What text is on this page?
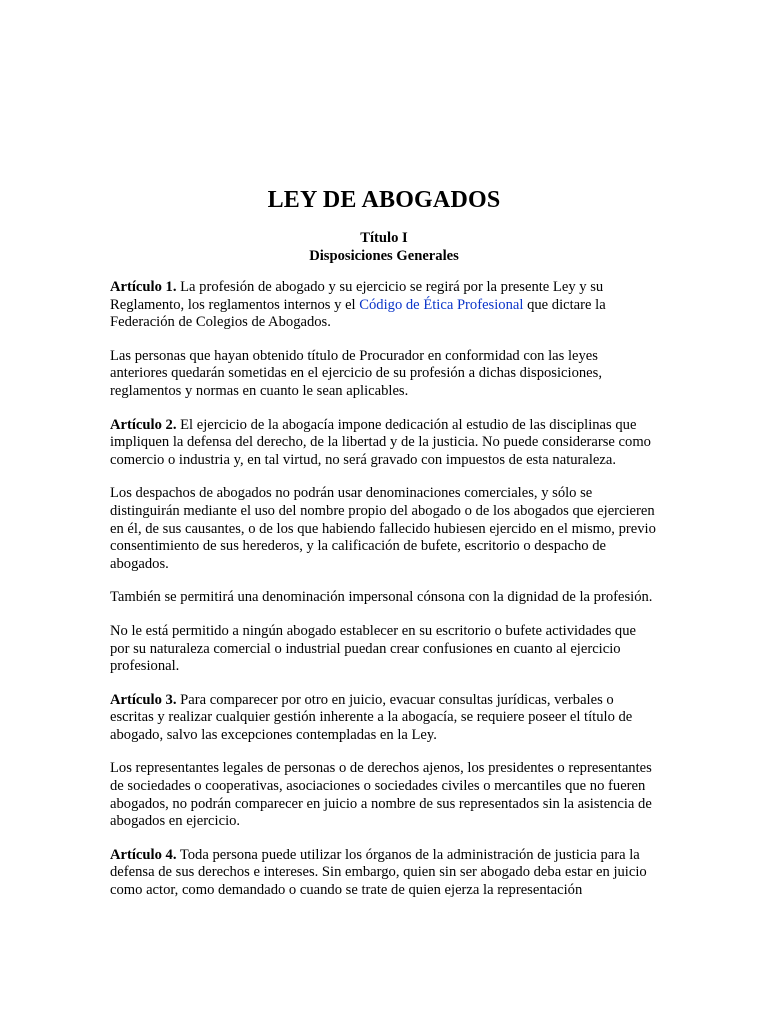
LEY DE ABOGADOS
Título I
Disposiciones Generales

Artículo 1. La profesión de abogado y su ejercicio se regirá por la presente Ley y su Reglamento, los reglamentos internos y el Código de Ética Profesional que dictare la Federación de Colegios de Abogados.

Las personas que hayan obtenido título de Procurador en conformidad con las leyes anteriores quedarán sometidas en el ejercicio de su profesión a dichas disposiciones, reglamentos y normas en cuanto le sean aplicables.

Artículo 2. El ejercicio de la abogacía impone dedicación al estudio de las disciplinas que impliquen la defensa del derecho, de la libertad y de la justicia. No puede considerarse como comercio o industria y, en tal virtud, no será gravado con impuestos de esta naturaleza.

Los despachos de abogados no podrán usar denominaciones comerciales, y sólo se distinguirán mediante el uso del nombre propio del abogado o de los abogados que ejercieren en él, de sus causantes, o de los que habiendo fallecido hubiesen ejercido en el mismo, previo consentimiento de sus herederos, y la calificación de bufete, escritorio o despacho de abogados.

También se permitirá una denominación impersonal cónsona con la dignidad de la profesión.

No le está permitido a ningún abogado establecer en su escritorio o bufete actividades que por su naturaleza comercial o industrial puedan crear confusiones en cuanto al ejercicio profesional.

Artículo 3. Para comparecer por otro en juicio, evacuar consultas jurídicas, verbales o escritas y realizar cualquier gestión inherente a la abogacía, se requiere poseer el título de abogado, salvo las excepciones contempladas en la Ley.

Los representantes legales de personas o de derechos ajenos, los presidentes o representantes de sociedades o cooperativas, asociaciones o sociedades civiles o mercantiles que no fueren abogados, no podrán comparecer en juicio a nombre de sus representados sin la asistencia de abogados en ejercicio.

Artículo 4. Toda persona puede utilizar los órganos de la administración de justicia para la defensa de sus derechos e intereses. Sin embargo, quien sin ser abogado deba estar en juicio como actor, como demandado o cuando se trate de quien ejerza la representación
